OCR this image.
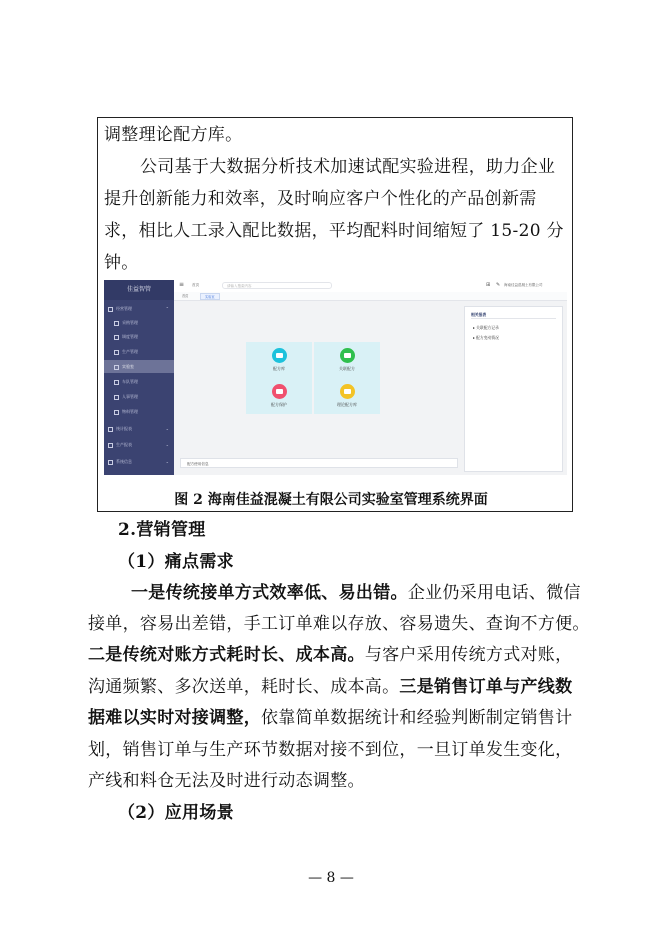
调整理论配方库。
公司基于大数据分析技术加速试配实验进程，助力企业
提升创新能力和效率，及时响应客户个性化的产品创新需
求，相比人工录入配比数据，平均配料时间缩短了 15-20 分
钟。
佳益智管
经营管理	⌃
采购管理
调度管理
生产管理
实验室
车队管理
人事管理
物料管理
统计报表	⌄
生产报表	⌄
系统信息	⌄
≡ 首页	请输入搜索内容	⊞ ✎ 海南佳益混凝土有限公司
首页	实验室
配方库	关联配方
配方保护	理论配方库
相关报表
▸ 关联配方记录
▸ 配方变动情况
配方使用信息
图 2 海南佳益混凝土有限公司实验室管理系统界面
2.营销管理
（1）痛点需求
一是传统接单方式效率低、易出错。企业仍采用电话、微信
接单，容易出差错，手工订单难以存放、容易遗失、查询不方便。
二是传统对账方式耗时长、成本高。与客户采用传统方式对账，
沟通频繁、多次送单，耗时长、成本高。三是销售订单与产线数
据难以实时对接调整，依靠简单数据统计和经验判断制定销售计
划，销售订单与生产环节数据对接不到位，一旦订单发生变化，
产线和料仓无法及时进行动态调整。
（2）应用场景
— 8 —
